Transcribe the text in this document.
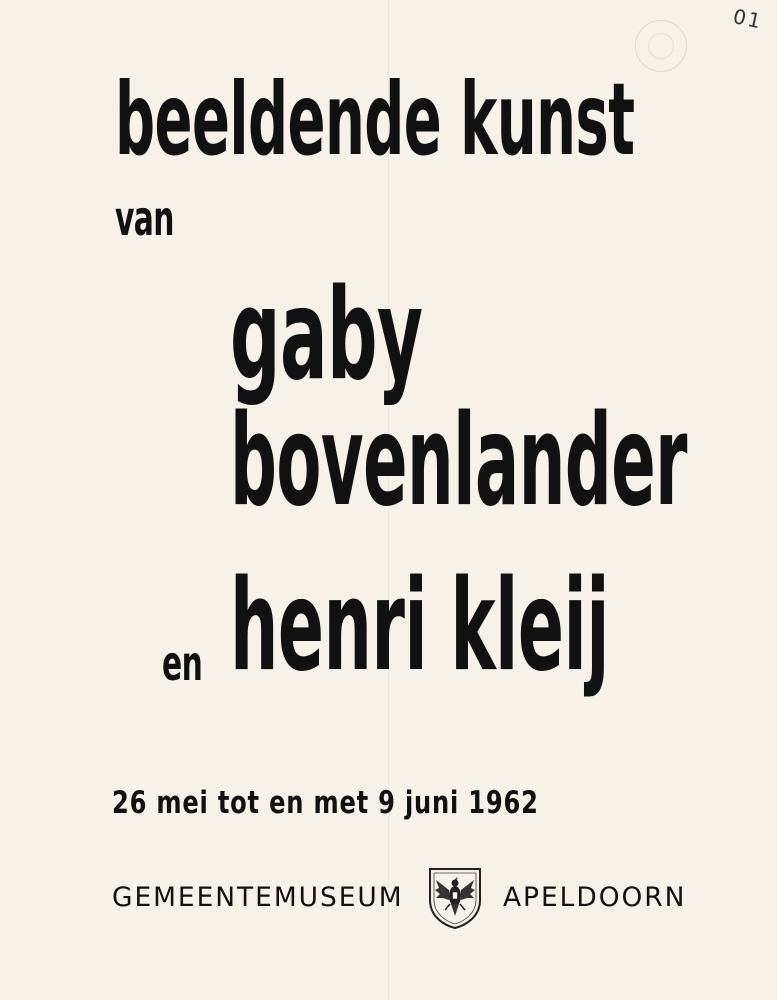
01
beeldende kunst
van
gaby
bovenlander
en henri kleij
26 mei tot en met 9 juni 1962
GEMEENTEMUSEUM	APELDOORN
